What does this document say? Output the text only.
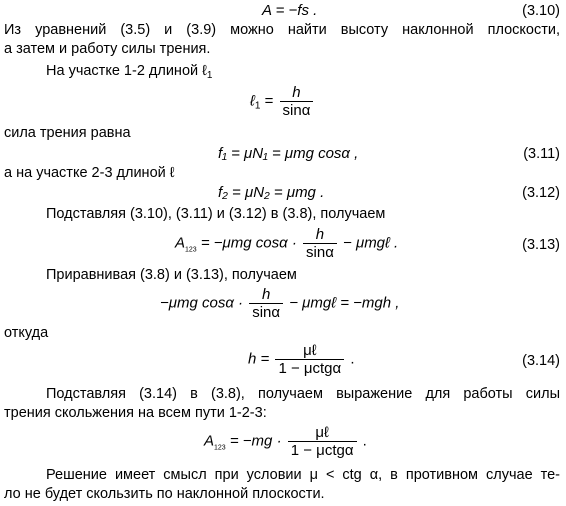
A = −fs .	(3.10)
Из уравнений (3.5) и (3.9) можно найти высоту наклонной плоскости,
а затем и работу силы трения.
На участке 1-2 длиной ℓ$_1$
ℓ$_1$ = $\frac{h}{\sin\alpha}$
сила трения равна
f₁ = μN₁ = μmg cosα ,	(3.11)
а на участке 2-3 длиной ℓ
f₂ = μN₂ = μmg .	(3.12)
Подставляя (3.10), (3.11) и (3.12) в (3.8), получаем
$A_{123} = -\mu mg$ $\cos\alpha \cdot \frac{h}{\sin\alpha}$ − μmgℓ .	(3.13)
Приравнивая (3.8) и (3.13), получаем
−μmg $\cos\alpha \cdot \frac{h}{\sin\alpha}$ − μmgℓ = −mgh ,
откуда
$h = \frac{\text{μℓ}}{\text{1 − μctgα}}$ .	(3.14)
Подставляя (3.14) в (3.8), получаем выражение для работы силы
трения скольжения на всем пути 1-2-3:
$A_{123} = -mg \cdot \frac{\text{μℓ}}{\text{1 − μctgα}}$ .
Решение имеет смысл при условии μ < ctg α, в противном случае те-
ло не будет скользить по наклонной плоскости.
